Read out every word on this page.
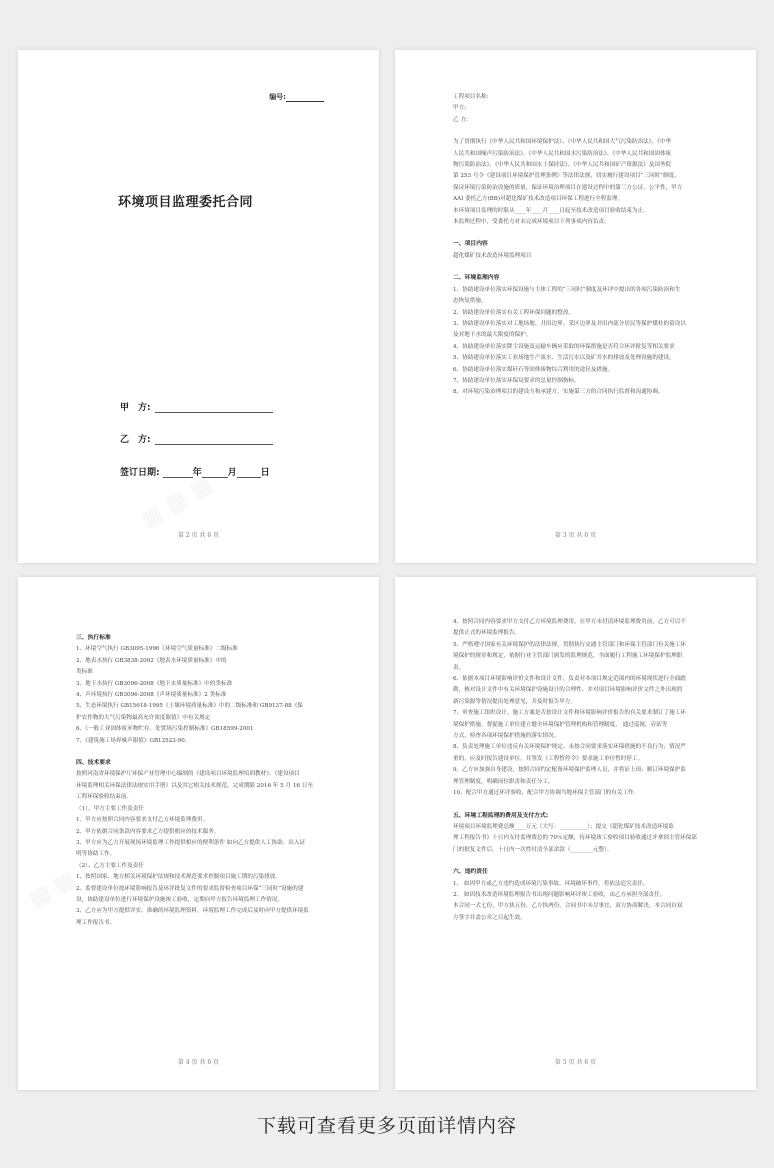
编号:
环境项目监理委托合同
甲　方:
乙　方:
签订日期:	年	月	日
第 2 页 共 6 页

工程项目名称:

甲方:

乙 方:

为了贯彻执行《中华人民共和国环境保护法》、《中华人民共和国大气污染防治法》、《中华

人民共和国噪声污染防治法》、《中华人民共和国水污染防治法》、《中华人民共和国固体废

物污染防治法》、《中华人民共和国水土保持法》、《中华人民共和国矿产资源法》及国务院

第 253 号令《建设项目环境保护管理条例》等法律法规，切实履行建设项目“三同时”制度，

保证环境污染防治设施的质量，保证环境治理项目在建设过程中的第三方公证、公平性，甲方

AAI 委托乙方(BB)对超化煤矿技术改造项目环保工程进行全程监理。

本环境项目监理的时限从____年____月____日起至技术改造项目验收结束为止。

本监理过程中，受委托方对未完成环境项目下列事项内容负责:

一、项目内容

超化煤矿技术改造环境监理项目

二、环境监理内容

1、协助建设单位落实环保设施与主体工程的“三同时”制度及环评中提出的各项污染防治和生

态恢复措施。

2、协助建设单位落实有关工程环保问题的整改。

3、协助建设单位落实对工地场地、井田边界、采区边界及井田内部分居民等保护煤柱的留设以

及对地下水的最大限度的保护。

4、协助建设单位落实降尘设施及运输车辆应采取的环保措施是否符合环评批复等相关要求

5、协助建设单位落实工业场地生产废水、生活污水以及矿井水的排放及处理设施的建设。

6、协助建设单位落实煤矸石等固体废物综合利用的途径及措施。

7、协助建设单位落实环保局要求的总量控制指标。

8、对环境污染治理项目的建设方和承建方，实施第三方的合同执行监督和沟通协调。

第 3 页 共 6 页

三、执行标准

1、环境空气执行 GB3095-1996《环境空气质量标准》二级标准

2、地表水执行 GB3838-2002《地表水环境质量标准》中的

类标准

3、地下水执行 GB3096-2008《地下水质量标准》中的类标准

4、声环境执行 GB3096-2008《声环境质量标准》2 类标准

5、生态环境执行 GB15618-1995《土壤环境质量标准》中的二级标准和 GB9137-88《保

护农作物的大气污染物最高允许浓度限值》中有关规定

6、《一般工业固体废弃物贮存、处置场污染控制标准》GB18599-2001

7、《建筑施工场界噪声限值》GB12523-90。

四、技术要求

按照河南省环境保护厅环保产业管理中心编制的《建设项目环境监理培训教材》、《建设项目

环境监理相关环保法律法规实用手册》以及其它相关技术规范，完成期限 2016 年 5 月 16 日至

工程环保验收结束前。

（1）、甲方主要工作及责任

1、甲方应按照合同内容要求支付乙方环境监理费用。

2、甲方依据合同条款内容要求乙方提供相应的技术服务。

3、甲方应为乙方开展现场环境监理工作提供相应的便利条件 如向乙方提供人工协助、出入证

明等协助工作。

（2）、乙方主要工作及责任

1、按照国家、地方相关环境保护法规和技术规范要求控制项目施工期的污染排放。

2、监督建设单位按环境影响报告及环评批复文件的要求监督检查项目环保“三同时”设施的建

设，协助建设单位进行环境保护设施竣工验收，定期向甲方报告环境监理工作情况。

3、乙方应为甲方提供详实、准确的环境监理资料，环境监理工作完成后及时向甲方提供环境监

理工作报告书。

第 4 页 共 6 页

4、按照合同内容要求甲方支付乙方环境监理费用，在甲方未付清环境监理费用前，乙方可以不

提供正式的环境监理报告。

5、严格遵守国家有关环境保护的法律法规，贯彻执行交通主管部门和环保主管部门有关施工环

境保护的规章和规定，依据行业主管部门颁发的监理规范，全面履行工程施工环境保护监理职

责。

6、依据本项目环境影响评价文件和设计文件，负责对本项目规定范围内的环境现状进行全面踏

勘，核对设计文件中有关环境保护设施设计的合理性，并对项目环境影响评价文件之外出现的

新污染源等情况提出处理意见，并及时报告甲方。

7、审查施工组织设计、施工方案是否按设计文件和环境影响评价报告的有关要求制订了施工环

境保护措施，督促施工单位建立健全环境保护管理机构和管理制度， 通过巡视、旁站等

方式，检查各项环境保护措施的落实情况。

8、负责处理施工单位违反有关环境保护规定、未按合同要求落实环保措施的不良行为；情况严

重的，应及时报告建设单位，并签发《工程暂停令》要求施工单位暂时停工。

9、乙方应加强自身建设，按照合同约定配备环境保护监理人员，并将证上岗；制订环境保护监

理管理制度，明确岗位职责和责任分工。

10、配合甲方通过环评验收，配合甲方协调当地环保主管部门的有关工作。

五、环境工程监理的费用及支付方式:

环境项目环境监理费总额____万元（大写：__________）；提交《超化煤矿技术改造环境监

理工程报告书》十日内支付监理费总的 70％定额，待环境竣工验收项目验收通过并拿到主管环保部

门的批复文件后，十日内一次性付清全部余款（________元整）。

六、违约责任

1、 如因甲方或乙方违约造成环境污染事故、环境破坏事件，将依法追究责任。

2、 如因技术改造环境监理报告书出现问题影响环评竣工验收，由乙方承担全部责任。

本合同一式七份，甲方执五份，乙方执两份，合同书中未尽事宜，双方协商解决。本合同自双

方签字并盖公章之日起生效。

第 5 页 共 6 页
下载可查看更多页面详情内容
